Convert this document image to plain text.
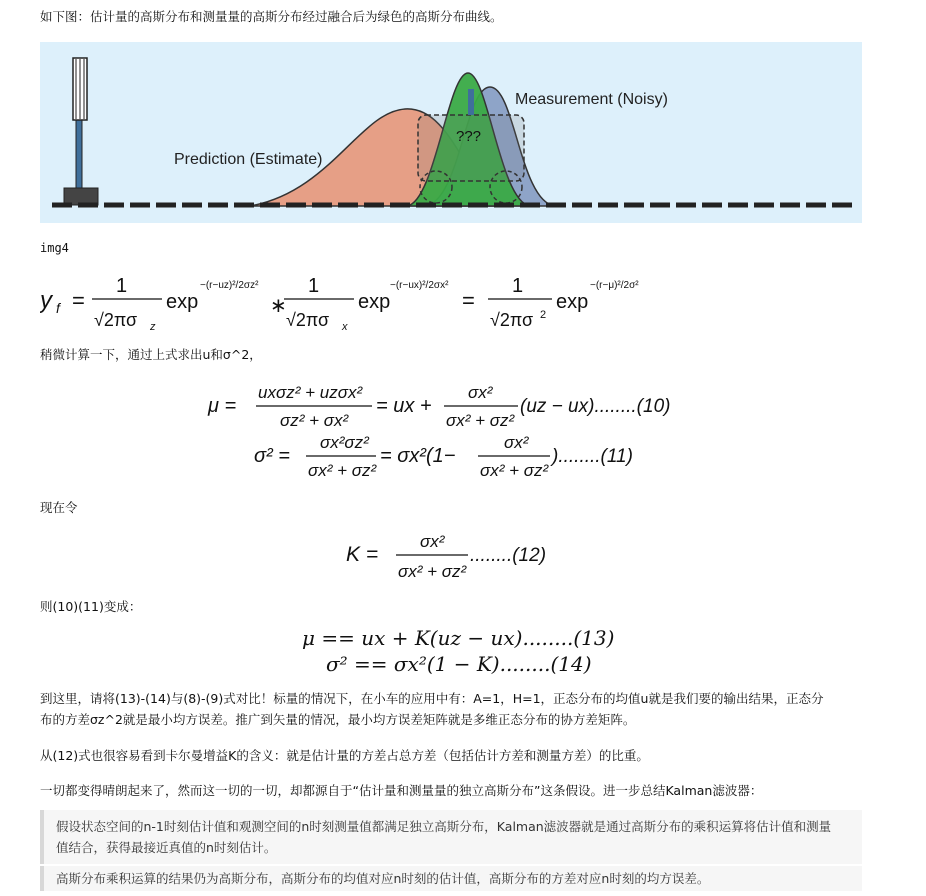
如下图：估计量的高斯分布和测量量的高斯分布经过融合后为绿色的高斯分布曲线。
???
Prediction (Estimate)
Measurement (Noisy)
img4
y f =
1
√2πσ z
exp
−(r−uz)²/2σz²
∗
1
√2πσ x
exp
−(r−ux)²/2σx²
=
1
√2πσ 2
exp
−(r−μ)²/2σ²
稍微计算一下，通过上式求出u和σ^2，
μ =
uxσz² + uzσx²
σz² + σx²
= ux +
σx²
σx² + σz²
(uz − ux)........(10)
σ² =
σx²σz²
σx² + σz²
= σx²(1−
σx²
σx² + σz²
)........(11)
现在令
K =
σx²
σx² + σz²
........(12)
则(10)(11)变成：
μ == ux + K(uz − ux)........(13)
σ² == σx²(1 − K)........(14)
到这里，请将(13)-(14)与(8)-(9)式对比！标量的情况下，在小车的应用中有：A=1，H=1，正态分布的均值u就是我们要的输出结果，正态分
布的方差σz^2就是最小均方误差。推广到矢量的情况，最小均方误差矩阵就是多维正态分布的协方差矩阵。
从(12)式也很容易看到卡尔曼增益K的含义：就是估计量的方差占总方差（包括估计方差和测量方差）的比重。
一切都变得晴朗起来了，然而这一切的一切，却都源自于“估计量和测量量的独立高斯分布”这条假设。进一步总结Kalman滤波器：
假设状态空间的n-1时刻估计值和观测空间的n时刻测量值都满足独立高斯分布，Kalman滤波器就是通过高斯分布的乘积运算将估计值和测量
值结合，获得最接近真值的n时刻估计。
高斯分布乘积运算的结果仍为高斯分布，高斯分布的均值对应n时刻的估计值，高斯分布的方差对应n时刻的均方误差。
